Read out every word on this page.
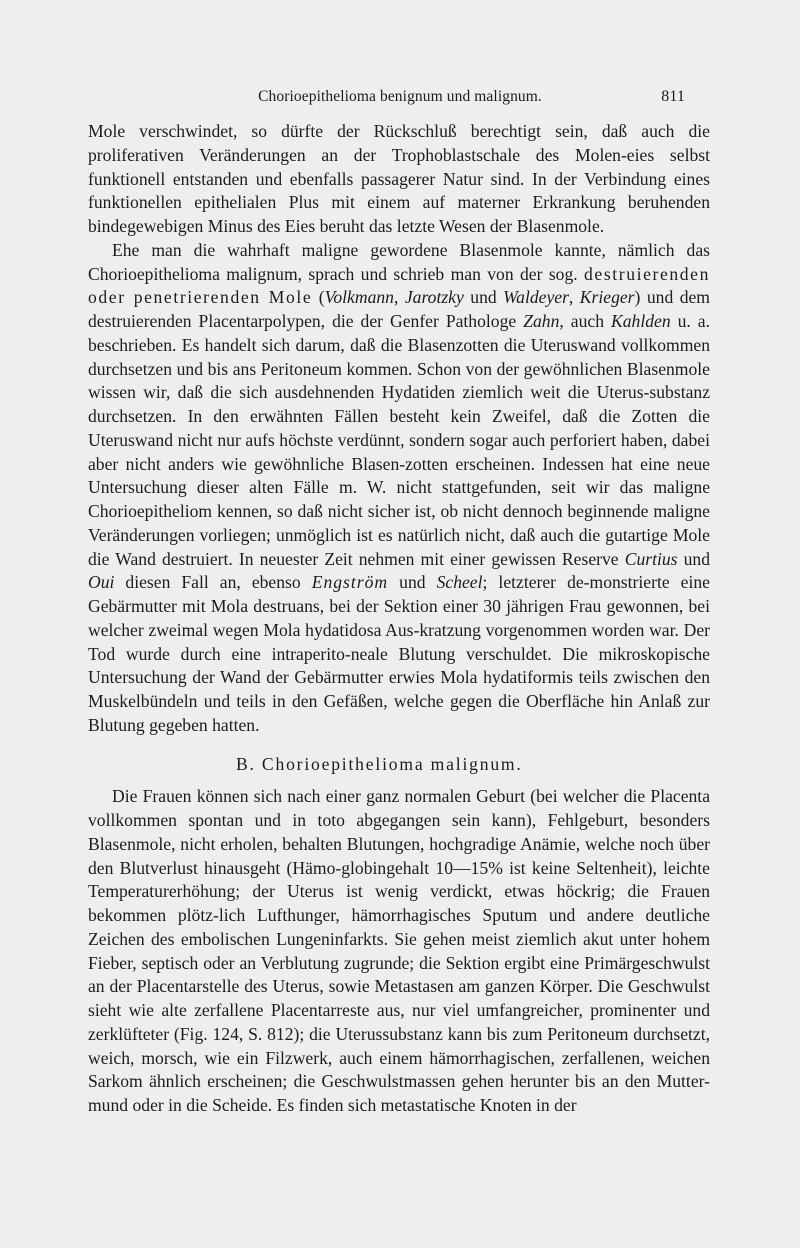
Chorioepithelioma benignum und malignum.	811

Mole verschwindet, so dürfte der Rückschluß berechtigt sein, daß auch die proliferativen Veränderungen an der Trophoblastschale des Molen-eies selbst funktionell entstanden und ebenfalls passagerer Natur sind. In der Verbindung eines funktionellen epithelialen Plus mit einem auf materner Erkrankung beruhenden bindegewebigen Minus des Eies beruht das letzte Wesen der Blasenmole.

Ehe man die wahrhaft maligne gewordene Blasenmole kannte, nämlich das Chorioepithelioma malignum, sprach und schrieb man von der sog. destruierenden oder penetrierenden Mole (Volkmann, Jarotzky und Waldeyer, Krieger) und dem destruierenden Placentarpolypen, die der Genfer Pathologe Zahn, auch Kahlden u. a. beschrieben. Es handelt sich darum, daß die Blasenzotten die Uteruswand vollkommen durchsetzen und bis ans Peritoneum kommen. Schon von der gewöhnlichen Blasenmole wissen wir, daß die sich ausdehnenden Hydatiden ziemlich weit die Uterus-substanz durchsetzen. In den erwähnten Fällen besteht kein Zweifel, daß die Zotten die Uteruswand nicht nur aufs höchste verdünnt, sondern sogar auch perforiert haben, dabei aber nicht anders wie gewöhnliche Blasen-zotten erscheinen. Indessen hat eine neue Untersuchung dieser alten Fälle m. W. nicht stattgefunden, seit wir das maligne Chorioepitheliom kennen, so daß nicht sicher ist, ob nicht dennoch beginnende maligne Veränderungen vorliegen; unmöglich ist es natürlich nicht, daß auch die gutartige Mole die Wand destruiert. In neuester Zeit nehmen mit einer gewissen Reserve Curtius und Oui diesen Fall an, ebenso Engström und Scheel; letzterer de-monstrierte eine Gebärmutter mit Mola destruans, bei der Sektion einer 30 jährigen Frau gewonnen, bei welcher zweimal wegen Mola hydatidosa Aus-kratzung vorgenommen worden war. Der Tod wurde durch eine intraperito-neale Blutung verschuldet. Die mikroskopische Untersuchung der Wand der Gebärmutter erwies Mola hydatiformis teils zwischen den Muskelbündeln und teils in den Gefäßen, welche gegen die Oberfläche hin Anlaß zur Blutung gegeben hatten.

B. Chorioepithelioma malignum.

Die Frauen können sich nach einer ganz normalen Geburt (bei welcher die Placenta vollkommen spontan und in toto abgegangen sein kann), Fehlgeburt, besonders Blasenmole, nicht erholen, behalten Blutungen, hochgradige Anämie, welche noch über den Blutverlust hinausgeht (Hämo-globingehalt 10—15% ist keine Seltenheit), leichte Temperaturerhöhung; der Uterus ist wenig verdickt, etwas höckrig; die Frauen bekommen plötz-lich Lufthunger, hämorrhagisches Sputum und andere deutliche Zeichen des embolischen Lungeninfarkts. Sie gehen meist ziemlich akut unter hohem Fieber, septisch oder an Verblutung zugrunde; die Sektion ergibt eine Primärgeschwulst an der Placentarstelle des Uterus, sowie Metastasen am ganzen Körper. Die Geschwulst sieht wie alte zerfallene Placentarreste aus, nur viel umfangreicher, prominenter und zerklüfteter (Fig. 124, S. 812); die Uterussubstanz kann bis zum Peritoneum durchsetzt, weich, morsch, wie ein Filzwerk, auch einem hämorrhagischen, zerfallenen, weichen Sarkom ähnlich erscheinen; die Geschwulstmassen gehen herunter bis an den Mutter-mund oder in die Scheide. Es finden sich metastatische Knoten in der
